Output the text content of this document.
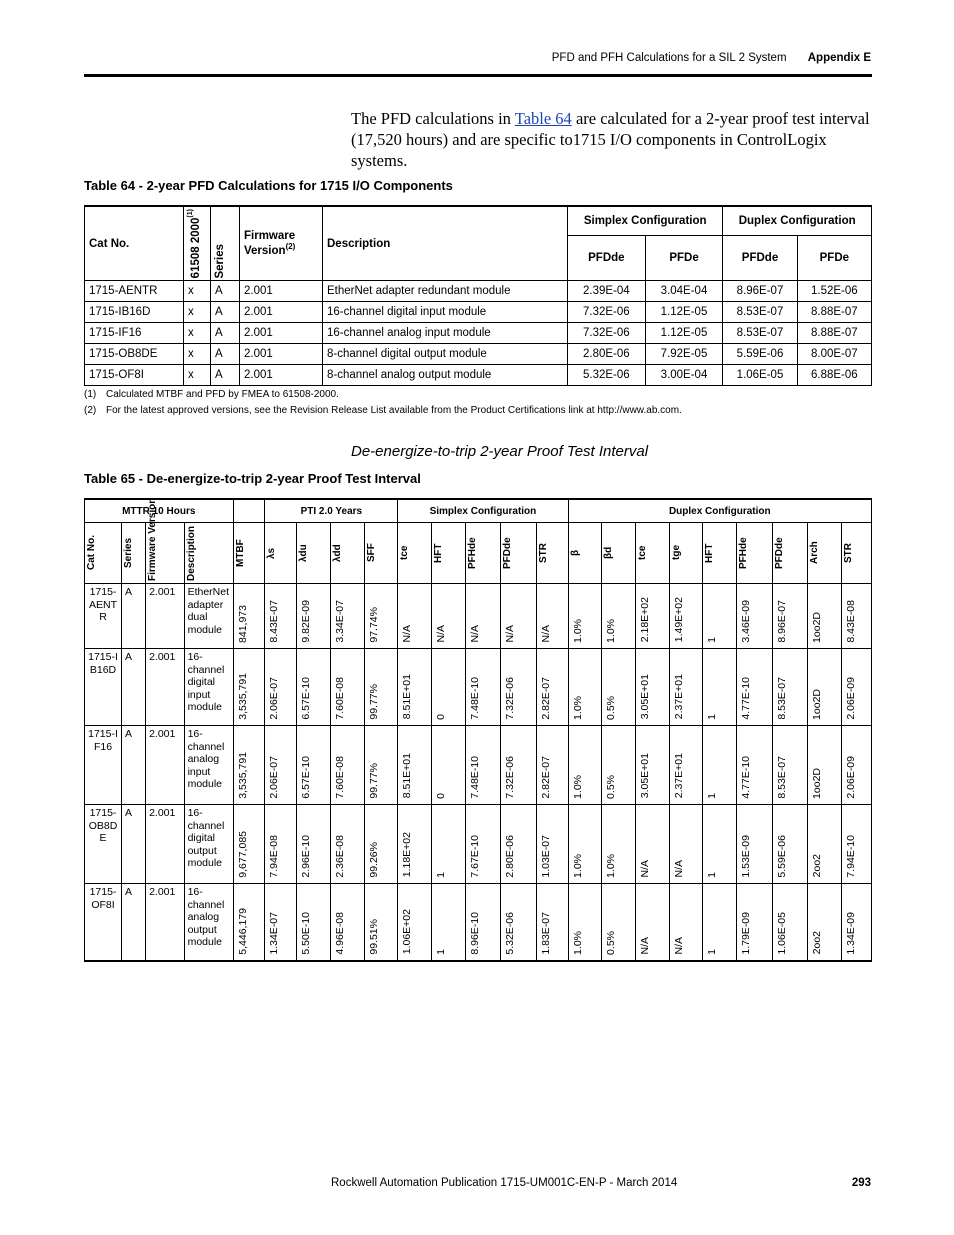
PFD and PFH Calculations for a SIL 2 System Appendix E
The PFD calculations in Table 64 are calculated for a 2-year proof test interval (17,520 hours) and are specific to1715 I/O components in ControlLogix systems.
Table 64 - 2-year PFD Calculations for 1715 I/O Components
Cat No.	61508 2000$^{(1)}$	Series	Firmware Version$^{(2)}$	Description	Simplex Configuration		Duplex Configuration	
					PFDde	PFDe	PFDde	PFDe
1715-AENTR	x	A	2.001	EtherNet adapter redundant module	2.39E-04	3.04E-04	8.96E-07	1.52E-06
1715-IB16D	x	A	2.001	16-channel digital input module	7.32E-06	1.12E-05	8.53E-07	8.88E-07
1715-IF16	x	A	2.001	16-channel analog input module	7.32E-06	1.12E-05	8.53E-07	8.88E-07
1715-OB8DE	x	A	2.001	8-channel digital output module	2.80E-06	7.92E-05	5.59E-06	8.00E-07
1715-OF8I	x	A	2.001	8-channel analog output module	5.32E-06	3.00E-04	1.06E-05	6.88E-06
(1) Calculated MTBF and PFD by FMEA to 61508-2000.
(2) For the latest approved versions, see the Revision Release List available from the Product Certifications link at http://www.ab.com.
De-energize-to-trip 2-year Proof Test Interval
Table 65 - De-energize-to-trip 2-year Proof Test Interval
MTTR 10 Hours					PTI 2.0 Years				Simplex Configuration					Duplex Configuration								

Cat No.	Series	Firmware Version	Description	MTBF	λs	λdu	λdd	SFF	tce	HFT	PFHde	PFDde	STR	β	βd	tce	tge	HFT	PFHde	PFDde	Arch	STR

1715-AENTR	A	2.001	EtherNet adapter dual module	841,973	8.43E-07	9.82E-09	3.34E-07	97.74%	N/A	N/A	N/A	N/A	N/A	1.0%	1.0%	2.18E+02	1.49E+02	1	3.46E-09	8.96E-07	1oo2D	8.43E-08
1715-IB16D	A	2.001	16-channel digital input module	3,535,791	2.06E-07	6.57E-10	7.60E-08	99.77%	8.51E+01	0	7.48E-10	7.32E-06	2.82E-07	1.0%	0.5%	3.05E+01	2.37E+01	1	4.77E-10	8.53E-07	1oo2D	2.06E-09
1715-IF16	A	2.001	16-channel analog input module	3,535,791	2.06E-07	6.57E-10	7.60E-08	99.77%	8.51E+01	0	7.48E-10	7.32E-06	2.82E-07	1.0%	0.5%	3.05E+01	2.37E+01	1	4.77E-10	8.53E-07	1oo2D	2.06E-09
1715-OB8DE	A	2.001	16-channel digital output module	9,677,085	7.94E-08	2.96E-10	2.36E-08	99.26%	1.18E+02	1	7.67E-10	2.80E-06	1.03E-07	1.0%	1.0%	N/A	N/A	1	1.53E-09	5.59E-06	2oo2	7.94E-10
1715-OF8I	A	2.001	16-channel analog output module	5,446,179	1.34E-07	5.50E-10	4.96E-08	99.51%	1.06E+02	1	8.96E-10	5.32E-06	1.83E-07	1.0%	0.5%	N/A	N/A	1	1.79E-09	1.06E-05	2oo2	1.34E-09
Rockwell Automation Publication 1715-UM001C-EN-P - March 2014	293
